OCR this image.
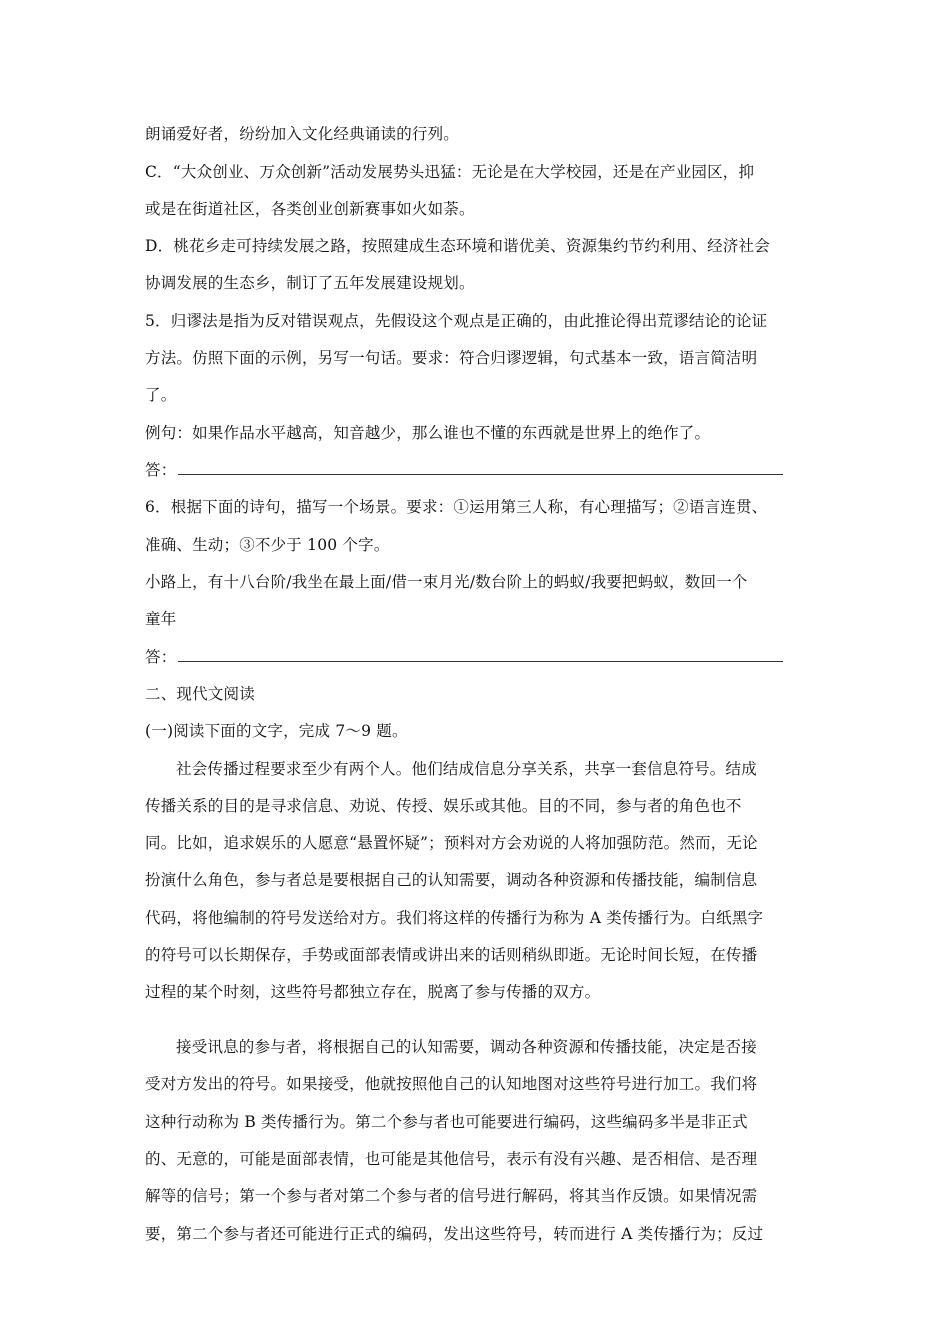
朗诵爱好者，纷纷加入文化经典诵读的行列。
C．“大众创业、万众创新”活动发展势头迅猛：无论是在大学校园，还是在产业园区，抑
或是在街道社区，各类创业创新赛事如火如荼。
D．桃花乡走可持续发展之路，按照建成生态环境和谐优美、资源集约节约利用、经济社会
协调发展的生态乡，制订了五年发展建设规划。
5．归谬法是指为反对错误观点，先假设这个观点是正确的，由此推论得出荒谬结论的论证
方法。仿照下面的示例，另写一句话。要求：符合归谬逻辑，句式基本一致，语言简洁明
了。
例句：如果作品水平越高，知音越少，那么谁也不懂的东西就是世界上的绝作了。
答：
6．根据下面的诗句，描写一个场景。要求：①运用第三人称，有心理描写；②语言连贯、
准确、生动；③不少于 100 个字。
小路上，有十八台阶/我坐在最上面/借一束月光/数台阶上的蚂蚁/我要把蚂蚁，数回一个
童年
答：
二、现代文阅读
(一)阅读下面的文字，完成 7～9 题。
社会传播过程要求至少有两个人。他们结成信息分享关系，共享一套信息符号。结成
传播关系的目的是寻求信息、劝说、传授、娱乐或其他。目的不同，参与者的角色也不
同。比如，追求娱乐的人愿意“悬置怀疑”；预料对方会劝说的人将加强防范。然而，无论
扮演什么角色，参与者总是要根据自己的认知需要，调动各种资源和传播技能，编制信息
代码，将他编制的符号发送给对方。我们将这样的传播行为称为 A 类传播行为。白纸黑字
的符号可以长期保存，手势或面部表情或讲出来的话则稍纵即逝。无论时间长短，在传播
过程的某个时刻，这些符号都独立存在，脱离了参与传播的双方。
接受讯息的参与者，将根据自己的认知需要，调动各种资源和传播技能，决定是否接
受对方发出的符号。如果接受，他就按照他自己的认知地图对这些符号进行加工。我们将
这种行动称为 B 类传播行为。第二个参与者也可能要进行编码，这些编码多半是非正式
的、无意的，可能是面部表情，也可能是其他信号，表示有没有兴趣、是否相信、是否理
解等的信号；第一个参与者对第二个参与者的信号进行解码，将其当作反馈。如果情况需
要，第二个参与者还可能进行正式的编码，发出这些符号，转而进行 A 类传播行为；反过
